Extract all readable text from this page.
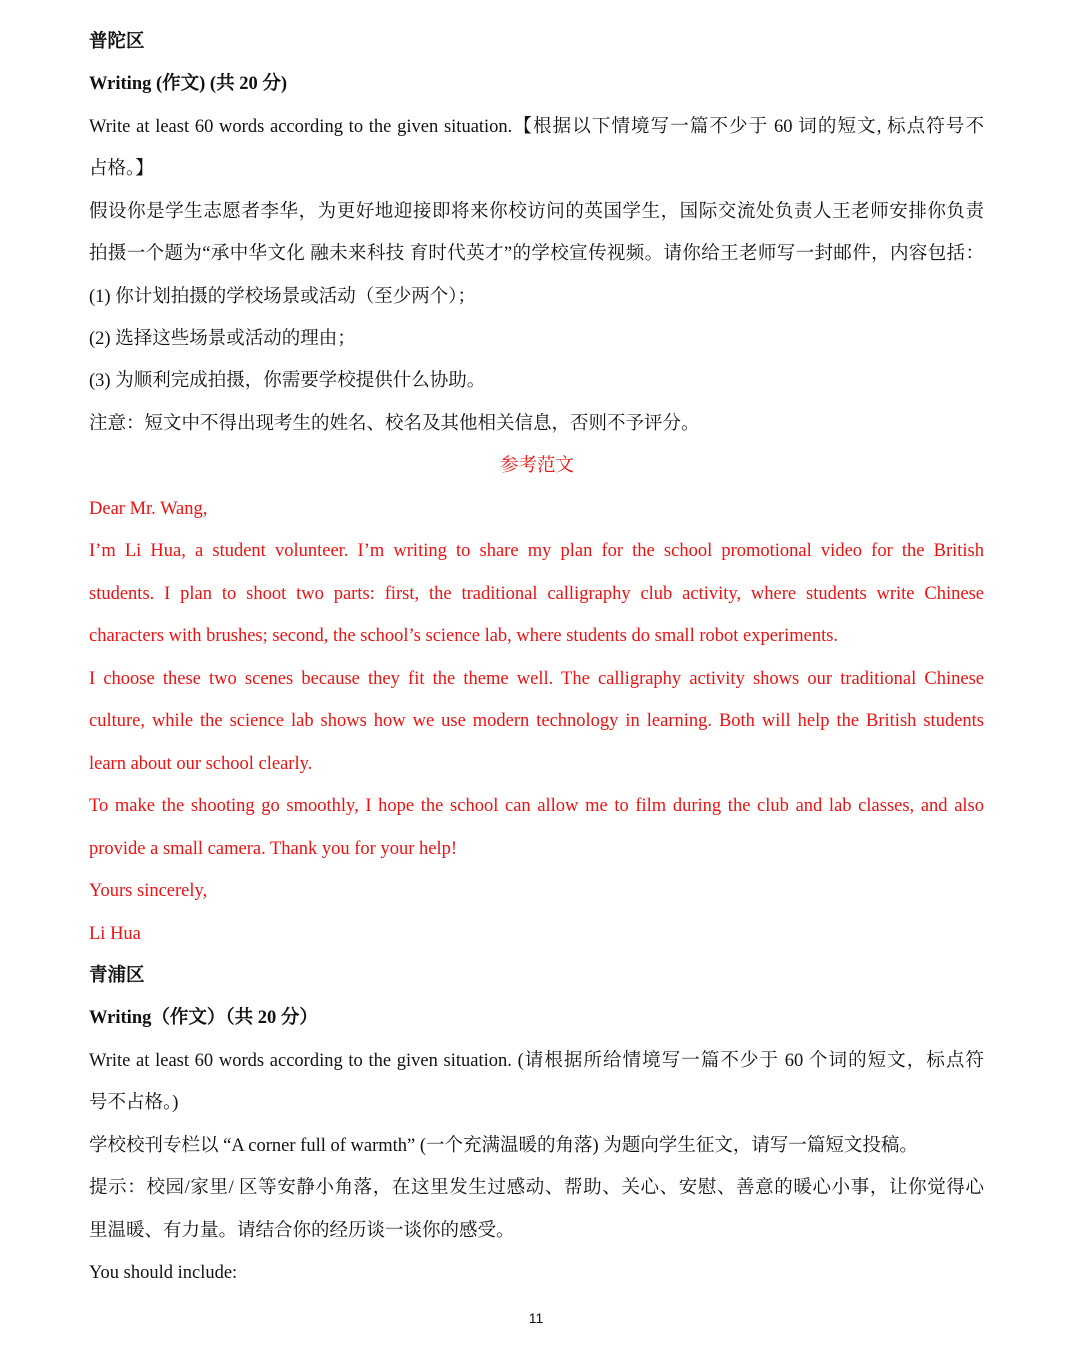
普陀区
Writing (作文) (共 20 分)
Write at least 60 words according to the given situation.【根据以下情境写一篇不少于 60 词的短文, 标点符号不
占格。】
假设你是学生志愿者李华，为更好地迎接即将来你校访问的英国学生，国际交流处负责人王老师安排你负责
拍摄一个题为“承中华文化 融未来科技 育时代英才”的学校宣传视频。请你给王老师写一封邮件，内容包括：
(1) 你计划拍摄的学校场景或活动（至少两个）；
(2) 选择这些场景或活动的理由；
(3) 为顺利完成拍摄，你需要学校提供什么协助。
注意：短文中不得出现考生的姓名、校名及其他相关信息，否则不予评分。
参考范文
Dear Mr. Wang,
I’m Li Hua, a student volunteer. I’m writing to share my plan for the school promotional video for the British
students. I plan to shoot two parts: first, the traditional calligraphy club activity, where students write Chinese
characters with brushes; second, the school’s science lab, where students do small robot experiments.
I choose these two scenes because they fit the theme well. The calligraphy activity shows our traditional Chinese
culture, while the science lab shows how we use modern technology in learning. Both will help the British students
learn about our school clearly.
To make the shooting go smoothly, I hope the school can allow me to film during the club and lab classes, and also
provide a small camera. Thank you for your help!
Yours sincerely,
Li Hua
青浦区
Writing（作文）（共 20 分）
Write at least 60 words according to the given situation. (请根据所给情境写一篇不少于 60 个词的短文，标点符
号不占格。)
学校校刊专栏以 “A corner full of warmth” (一个充满温暖的角落) 为题向学生征文，请写一篇短文投稿。
提示：校园/家里/ 区等安静小角落，在这里发生过感动、帮助、关心、安慰、善意的暖心小事，让你觉得心
里温暖、有力量。请结合你的经历谈一谈你的感受。
You should include:
11
